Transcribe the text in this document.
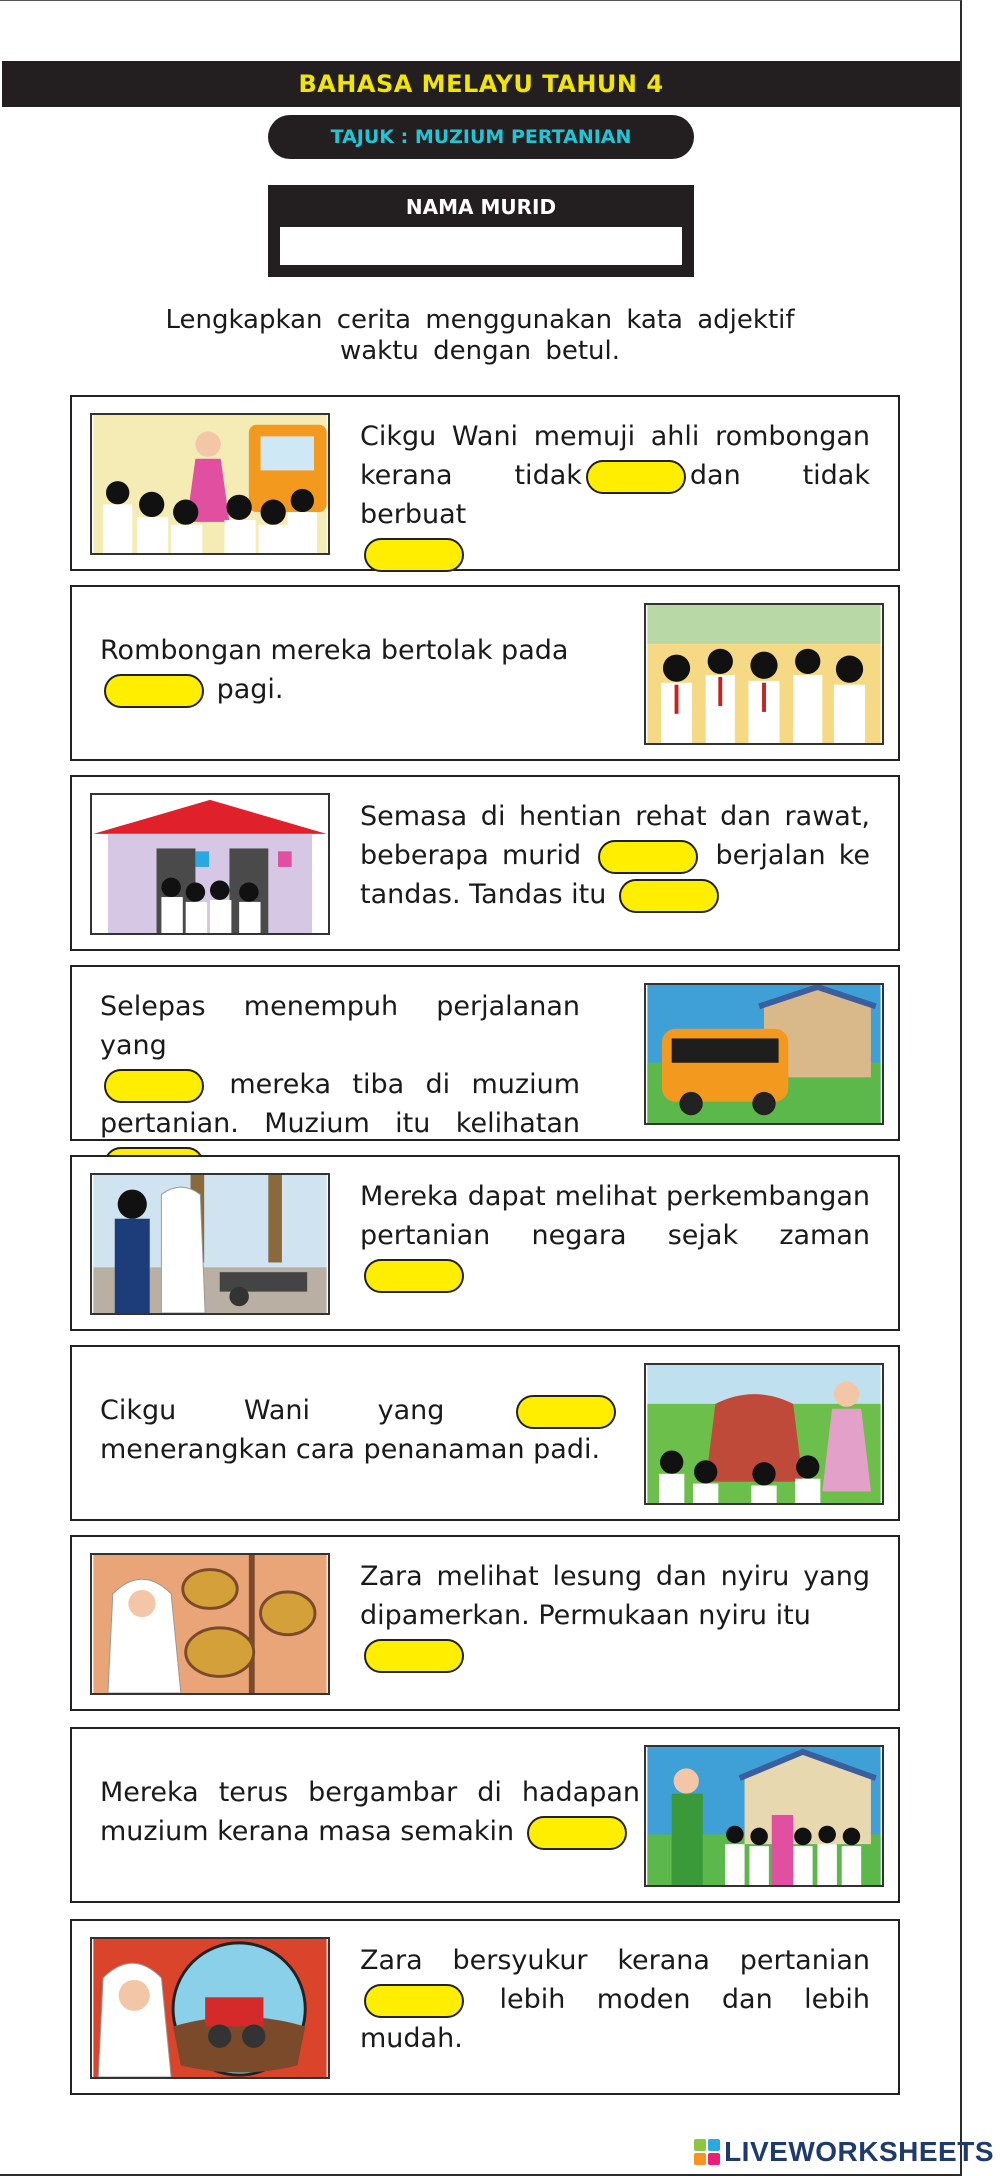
BAHASA MELAYU TAHUN 4
TAJUK : MUZIUM PERTANIAN
NAMA MURID
Lengkapkan cerita menggunakan kata adjektif waktu dengan betul.
Cikgu Wani memuji ahli rombongan kerana tidak	dan tidak berbuat

Rombongan mereka bertolak pada
pagi.
Semasa di hentian rehat dan rawat, beberapa murid	berjalan ke tandas. Tandas itu
Selepas menempuh perjalanan yang
mereka tiba di muzium pertanian. Muzium itu kelihatan
Mereka dapat melihat perkembangan pertanian negara sejak zaman
Cikgu Wani yang  menerangkan cara penanaman padi.
Zara melihat lesung dan nyiru yang dipamerkan. Permukaan nyiru itu

Mereka terus bergambar di hadapan muzium kerana masa semakin
Zara bersyukur kerana pertanian  lebih moden dan lebih mudah.
LIVEWORKSHEETS
